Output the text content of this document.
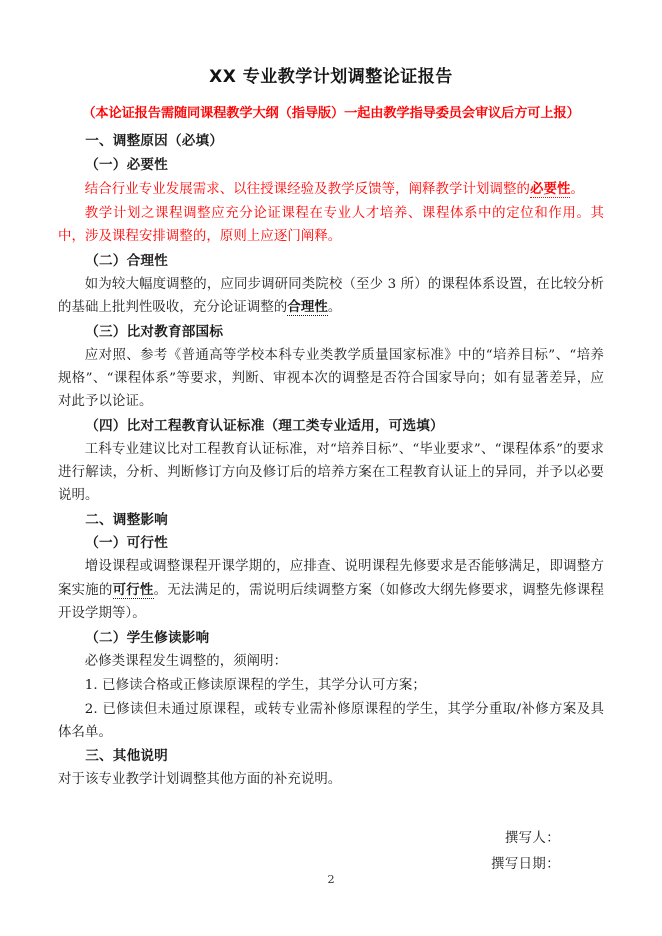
XX 专业教学计划调整论证报告

（本论证报告需随同课程教学大纲（指导版）一起由教学指导委员会审议后方可上报）

一、调整原因（必填）

（一）必要性

结合行业专业发展需求、以往授课经验及教学反馈等，阐释教学计划调整的必要性。

教学计划之课程调整应充分论证课程在专业人才培养、课程体系中的定位和作用。其中，涉及课程安排调整的，原则上应逐门阐释。

（二）合理性

如为较大幅度调整的，应同步调研同类院校（至少 3 所）的课程体系设置，在比较分析的基础上批判性吸收，充分论证调整的合理性。

（三）比对教育部国标

应对照、参考《普通高等学校本科专业类教学质量国家标准》中的“培养目标”、“培养规格”、“课程体系”等要求，判断、审视本次的调整是否符合国家导向；如有显著差异，应对此予以论证。

（四）比对工程教育认证标准（理工类专业适用，可选填）

工科专业建议比对工程教育认证标准，对“培养目标”、“毕业要求”、“课程体系”的要求进行解读，分析、判断修订方向及修订后的培养方案在工程教育认证上的异同，并予以必要说明。

二、调整影响

（一）可行性

增设课程或调整课程开课学期的，应排查、说明课程先修要求是否能够满足，即调整方案实施的可行性。无法满足的，需说明后续调整方案（如修改大纲先修要求，调整先修课程开设学期等）。

（二）学生修读影响

必修类课程发生调整的，须阐明：

1. 已修读合格或正修读原课程的学生，其学分认可方案；

2. 已修读但未通过原课程，或转专业需补修原课程的学生，其学分重取/补修方案及具体名单。

三、其他说明

对于该专业教学计划调整其他方面的补充说明。

撰写人：
撰写日期：
2
